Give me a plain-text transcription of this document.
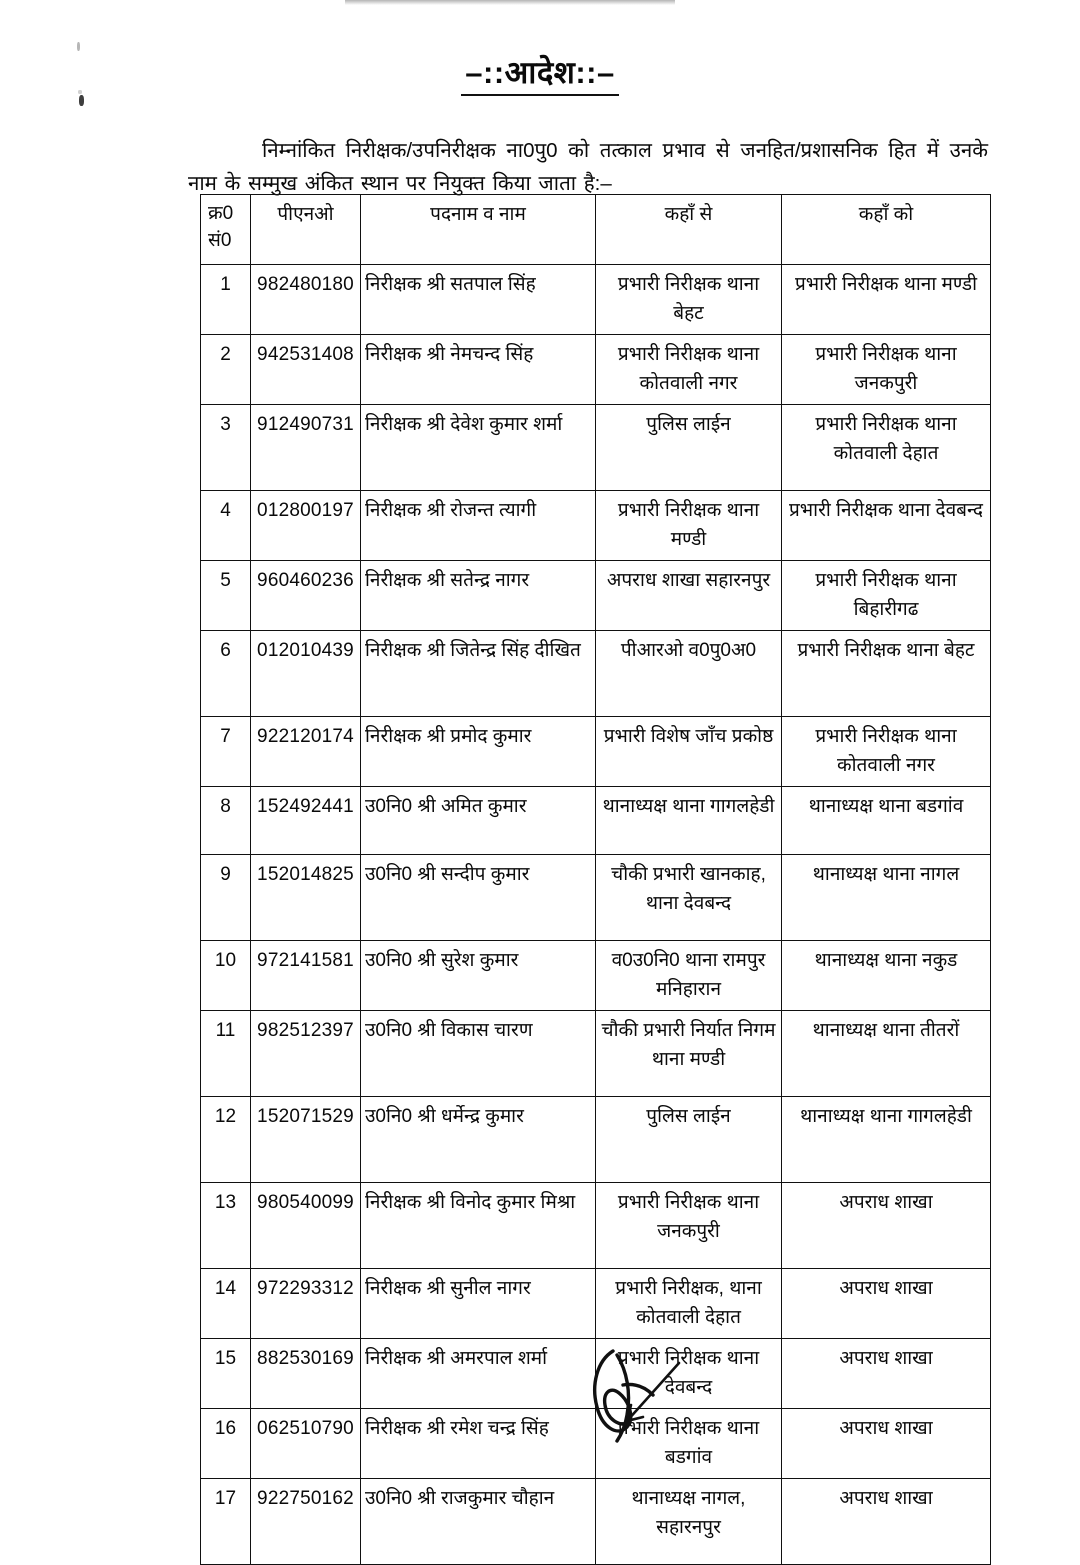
–::आदेश::–

निम्नांकित निरीक्षक/उपनिरीक्षक ना0पु0 को तत्काल प्रभाव से जनहित/प्रशासनिक हित में उनके नाम के सम्मुख अंकित स्थान पर नियुक्त किया जाता है:–

क्र0 सं0	पीएनओ	पदनाम व नाम	कहाँ से	कहाँ को
1	982480180	निरीक्षक श्री सतपाल सिंह	प्रभारी निरीक्षक थाना बेहट	प्रभारी निरीक्षक थाना मण्डी
2	942531408	निरीक्षक श्री नेमचन्द सिंह	प्रभारी निरीक्षक थाना कोतवाली नगर	प्रभारी निरीक्षक थाना जनकपुरी
3	912490731	निरीक्षक श्री देवेश कुमार शर्मा	पुलिस लाईन	प्रभारी निरीक्षक थाना कोतवाली देहात
4	012800197	निरीक्षक श्री रोजन्त त्यागी	प्रभारी निरीक्षक थाना मण्डी	प्रभारी निरीक्षक थाना देवबन्द
5	960460236	निरीक्षक श्री सतेन्द्र नागर	अपराध शाखा सहारनपुर	प्रभारी निरीक्षक थाना बिहारीगढ
6	012010439	निरीक्षक श्री जितेन्द्र सिंह दीखित	पीआरओ व0पु0अ0	प्रभारी निरीक्षक थाना बेहट
7	922120174	निरीक्षक श्री प्रमोद कुमार	प्रभारी विशेष जाँच प्रकोष्ठ	प्रभारी निरीक्षक थाना कोतवाली नगर
8	152492441	उ0नि0 श्री अमित कुमार	थानाध्यक्ष थाना गागलहेडी	थानाध्यक्ष थाना बडगांव
9	152014825	उ0नि0 श्री सन्दीप कुमार	चौकी प्रभारी खानकाह, थाना देवबन्द	थानाध्यक्ष थाना नागल
10	972141581	उ0नि0 श्री सुरेश कुमार	व0उ0नि0 थाना रामपुर मनिहारान	थानाध्यक्ष थाना नकुड
11	982512397	उ0नि0 श्री विकास चारण	चौकी प्रभारी निर्यात निगम थाना मण्डी	थानाध्यक्ष थाना तीतरों
12	152071529	उ0नि0 श्री धर्मेन्द्र कुमार	पुलिस लाईन	थानाध्यक्ष थाना गागलहेडी
13	980540099	निरीक्षक श्री विनोद कुमार मिश्रा	प्रभारी निरीक्षक थाना जनकपुरी	अपराध शाखा
14	972293312	निरीक्षक श्री सुनील नागर	प्रभारी निरीक्षक, थाना कोतवाली देहात	अपराध शाखा
15	882530169	निरीक्षक श्री अमरपाल शर्मा	प्रभारी निरीक्षक थाना देवबन्द	अपराध शाखा
16	062510790	निरीक्षक श्री रमेश चन्द्र सिंह	प्रभारी निरीक्षक थाना बडगांव	अपराध शाखा
17	922750162	उ0नि0 श्री राजकुमार चौहान	थानाध्यक्ष नागल, सहारनपुर	अपराध शाखा
